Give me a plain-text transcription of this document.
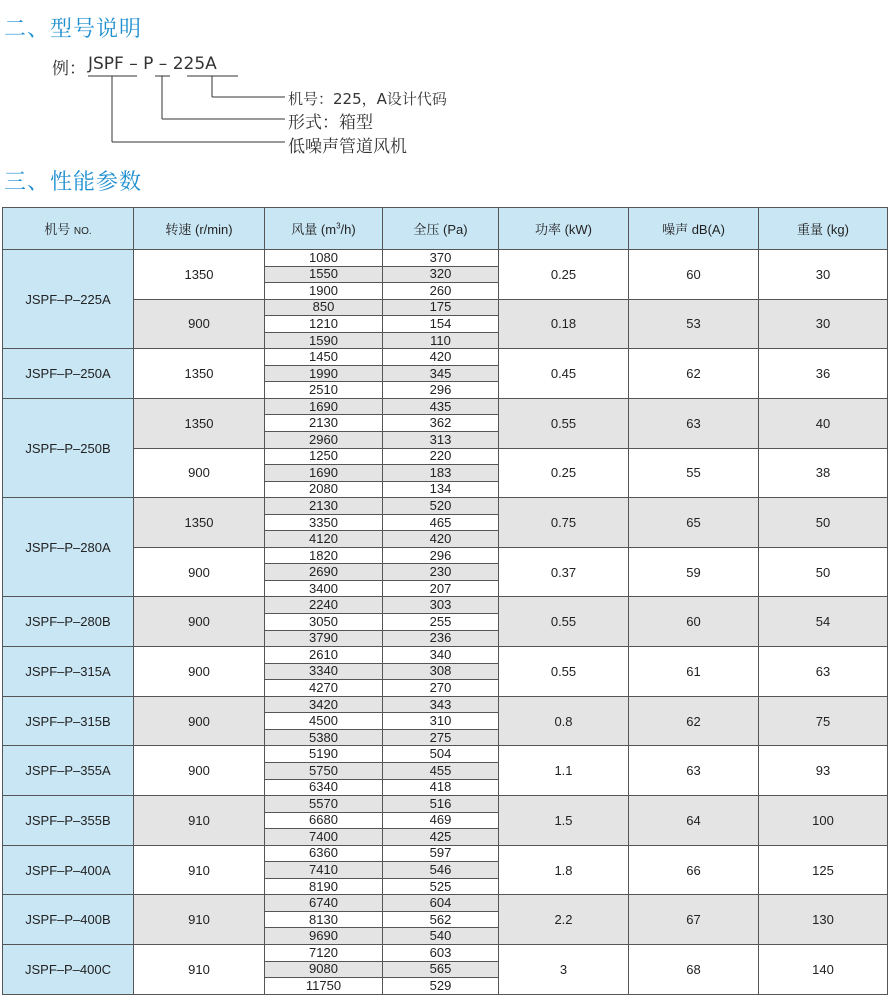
二、型号说明
例： JSPF – P – 225A
机号：225，A设计代码
形式：箱型
低噪声管道风机
三、性能参数
机号 NO.	转速 (r/min)	风量 $(m^3/h)$	全压 (Pa)	功率 (kW)	噪声 dB(A)	重量 (kg)
JSPF–P–225A	1350	1080	370	0.25	60	30
		1550	320			
		1900	260			
	900	850	175	0.18	53	30
		1210	154			
		1590	110			
JSPF–P–250A	1350	1450	420	0.45	62	36
		1990	345			
		2510	296			
JSPF–P–250B	1350	1690	435	0.55	63	40
		2130	362			
		2960	313			
	900	1250	220	0.25	55	38
		1690	183			
		2080	134			
JSPF–P–280A	1350	2130	520	0.75	65	50
		3350	465			
		4120	420			
	900	1820	296	0.37	59	50
		2690	230			
		3400	207			
JSPF–P–280B	900	2240	303	0.55	60	54
		3050	255			
		3790	236			
JSPF–P–315A	900	2610	340	0.55	61	63
		3340	308			
		4270	270			
JSPF–P–315B	900	3420	343	0.8	62	75
		4500	310			
		5380	275			
JSPF–P–355A	900	5190	504	1.1	63	93
		5750	455			
		6340	418			
JSPF–P–355B	910	5570	516	1.5	64	100
		6680	469			
		7400	425			
JSPF–P–400A	910	6360	597	1.8	66	125
		7410	546			
		8190	525			
JSPF–P–400B	910	6740	604	2.2	67	130
		8130	562			
		9690	540			
JSPF–P–400C	910	7120	603	3	68	140
		9080	565			
		11750	529			
